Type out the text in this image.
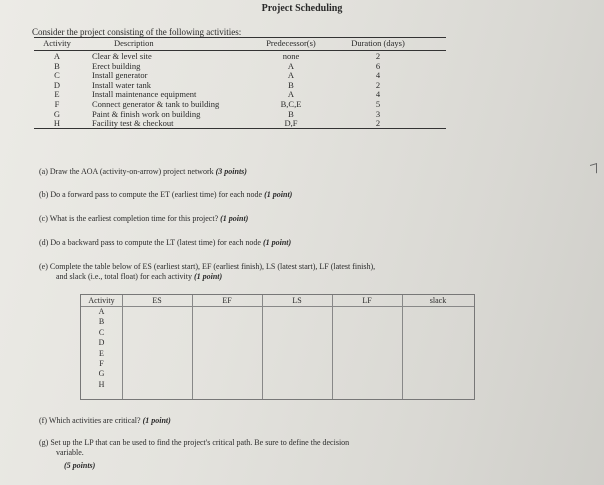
Project Scheduling
Consider the project consisting of the following activities:
Activity	Description	Predecessor(s)	Duration (days)
A	Clear & level site	none	2
B	Erect building	A	6
C	Install generator	A	4
D	Install water tank	B	2
E	Install maintenance equipment	A	4
F	Connect generator & tank to building	B,C,E	5
G	Paint & finish work on building	B	3
H	Facility test & checkout	D,F	2
(a) Draw the AOA (activity-on-arrow) project network (3 points)
(b) Do a forward pass to compute the ET (earliest time) for each node (1 point)
(c) What is the earliest completion time for this project? (1 point)
(d) Do a backward pass to compute the LT (latest time) for each node (1 point)
(e) Complete the table below of ES (earliest start), EF (earliest finish), LS (latest start), LF (latest finish),
and slack (i.e., total float) for each activity (1 point)
Activity	ES	EF	LS	LF	slack
A
B
C
D
E
F
G
H
(f) Which activities are critical? (1 point)
(g) Set up the LP that can be used to find the project's critical path. Be sure to define the decision
variable.
(5 points)
